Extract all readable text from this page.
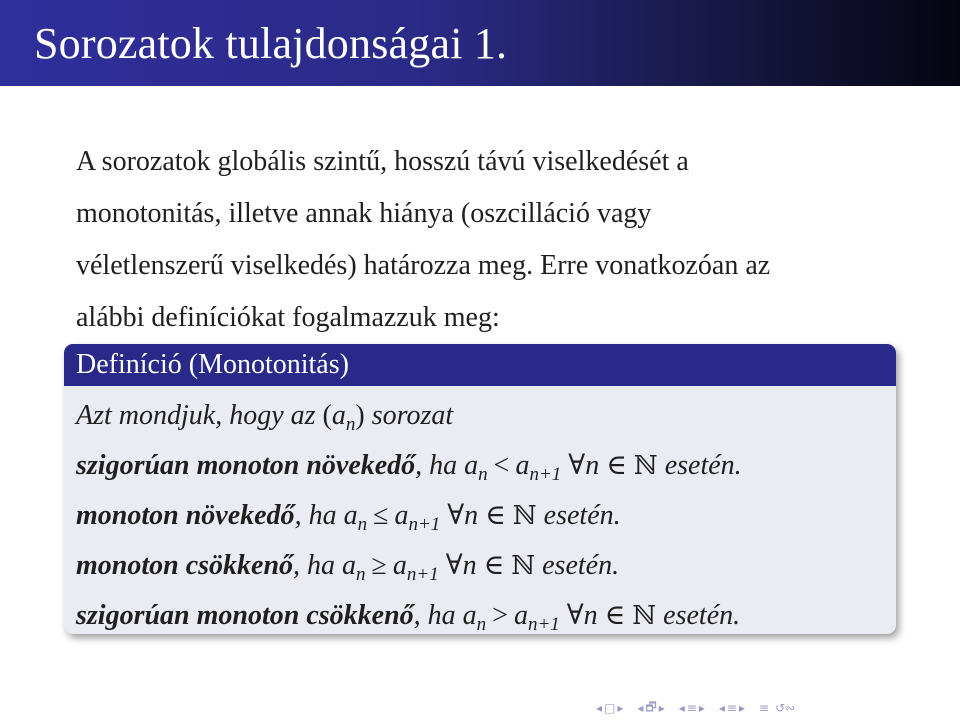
Sorozatok tulajdonságai 1.
A sorozatok globális szintű, hosszú távú viselkedését a
monotonitás, illetve annak hiánya (oszcilláció vagy
véletlenszerű viselkedés) határozza meg. Erre vonatkozóan az
alábbi definíciókat fogalmazzuk meg:
Definíció (Monotonitás)
Azt mondjuk, hogy az $(a_n)$ sorozat
szigorúan monoton növekedő, ha $a_n < a_{n+1}$ ∀n ∈ ℕ esetén.
monoton növekedő, ha $a_n \le a_{n+1}$ ∀n ∈ ℕ esetén.
monoton csökkenő, ha $a_n \ge a_{n+1}$ ∀n ∈ ℕ esetén.
szigorúan monoton csökkenő, ha $a_n > a_{n+1}$ ∀n ∈ ℕ esetén.
◂ □ ▸ ◂ 🗗 ▸ ◂ ≡ ▸ ◂ ≡ ▸ ≡ ↺∾
